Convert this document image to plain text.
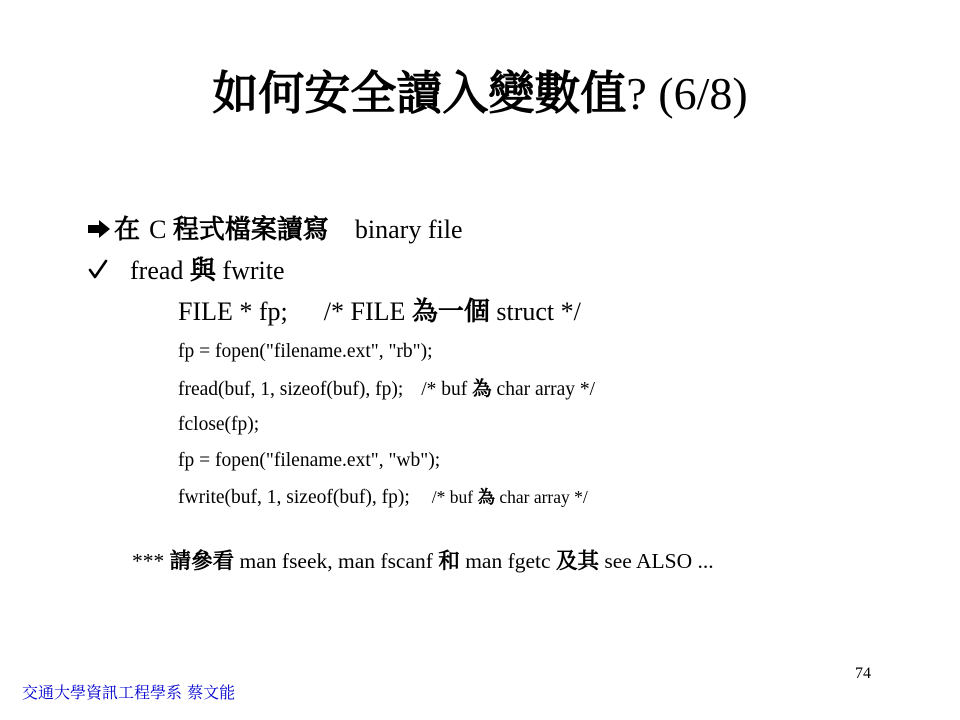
如何安全讀入變數值? (6/8)
在 C 程式檔案讀寫 binary file
fread 與 fwrite
FILE * fp; /* FILE 為一個 struct */
fp = fopen("filename.ext", "rb");
fread(buf, 1, sizeof(buf), fp); /* buf 為 char array */
fclose(fp);
fp = fopen("filename.ext", "wb");
fwrite(buf, 1, sizeof(buf), fp); /* buf 為 char array */
*** 請參看 man fseek, man fscanf 和 man fgetc 及其 see ALSO ...
交通大學資訊工程學系 蔡文能
74
